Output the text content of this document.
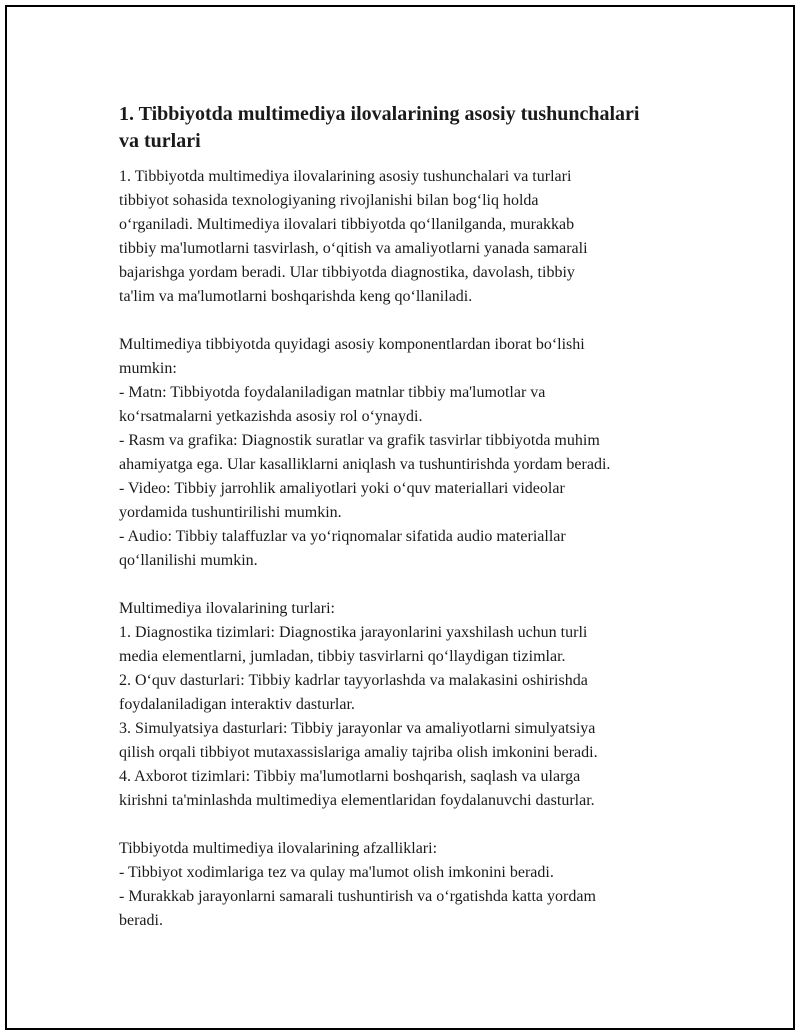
1. Tibbiyotda multimediya ilovalarining asosiy tushunchalari
va turlari

1. Tibbiyotda multimediya ilovalarining asosiy tushunchalari va turlari
tibbiyot sohasida texnologiyaning rivojlanishi bilan bog‘liq holda
o‘rganiladi. Multimediya ilovalari tibbiyotda qo‘llanilganda, murakkab
tibbiy ma'lumotlarni tasvirlash, o‘qitish va amaliyotlarni yanada samarali
bajarishga yordam beradi. Ular tibbiyotda diagnostika, davolash, tibbiy
ta'lim va ma'lumotlarni boshqarishda keng qo‘llaniladi.

Multimediya tibbiyotda quyidagi asosiy komponentlardan iborat bo‘lishi
mumkin:
- Matn: Tibbiyotda foydalaniladigan matnlar tibbiy ma'lumotlar va
ko‘rsatmalarni yetkazishda asosiy rol o‘ynaydi.
- Rasm va grafika: Diagnostik suratlar va grafik tasvirlar tibbiyotda muhim
ahamiyatga ega. Ular kasalliklarni aniqlash va tushuntirishda yordam beradi.
- Video: Tibbiy jarrohlik amaliyotlari yoki o‘quv materiallari videolar
yordamida tushuntirilishi mumkin.
- Audio: Tibbiy talaffuzlar va yo‘riqnomalar sifatida audio materiallar
qo‘llanilishi mumkin.

Multimediya ilovalarining turlari:
1. Diagnostika tizimlari: Diagnostika jarayonlarini yaxshilash uchun turli
media elementlarni, jumladan, tibbiy tasvirlarni qo‘llaydigan tizimlar.
2. O‘quv dasturlari: Tibbiy kadrlar tayyorlashda va malakasini oshirishda
foydalaniladigan interaktiv dasturlar.
3. Simulyatsiya dasturlari: Tibbiy jarayonlar va amaliyotlarni simulyatsiya
qilish orqali tibbiyot mutaxassislariga amaliy tajriba olish imkonini beradi.
4. Axborot tizimlari: Tibbiy ma'lumotlarni boshqarish, saqlash va ularga
kirishni ta'minlashda multimediya elementlaridan foydalanuvchi dasturlar.

Tibbiyotda multimediya ilovalarining afzalliklari:
- Tibbiyot xodimlariga tez va qulay ma'lumot olish imkonini beradi.
- Murakkab jarayonlarni samarali tushuntirish va o‘rgatishda katta yordam
beradi.
